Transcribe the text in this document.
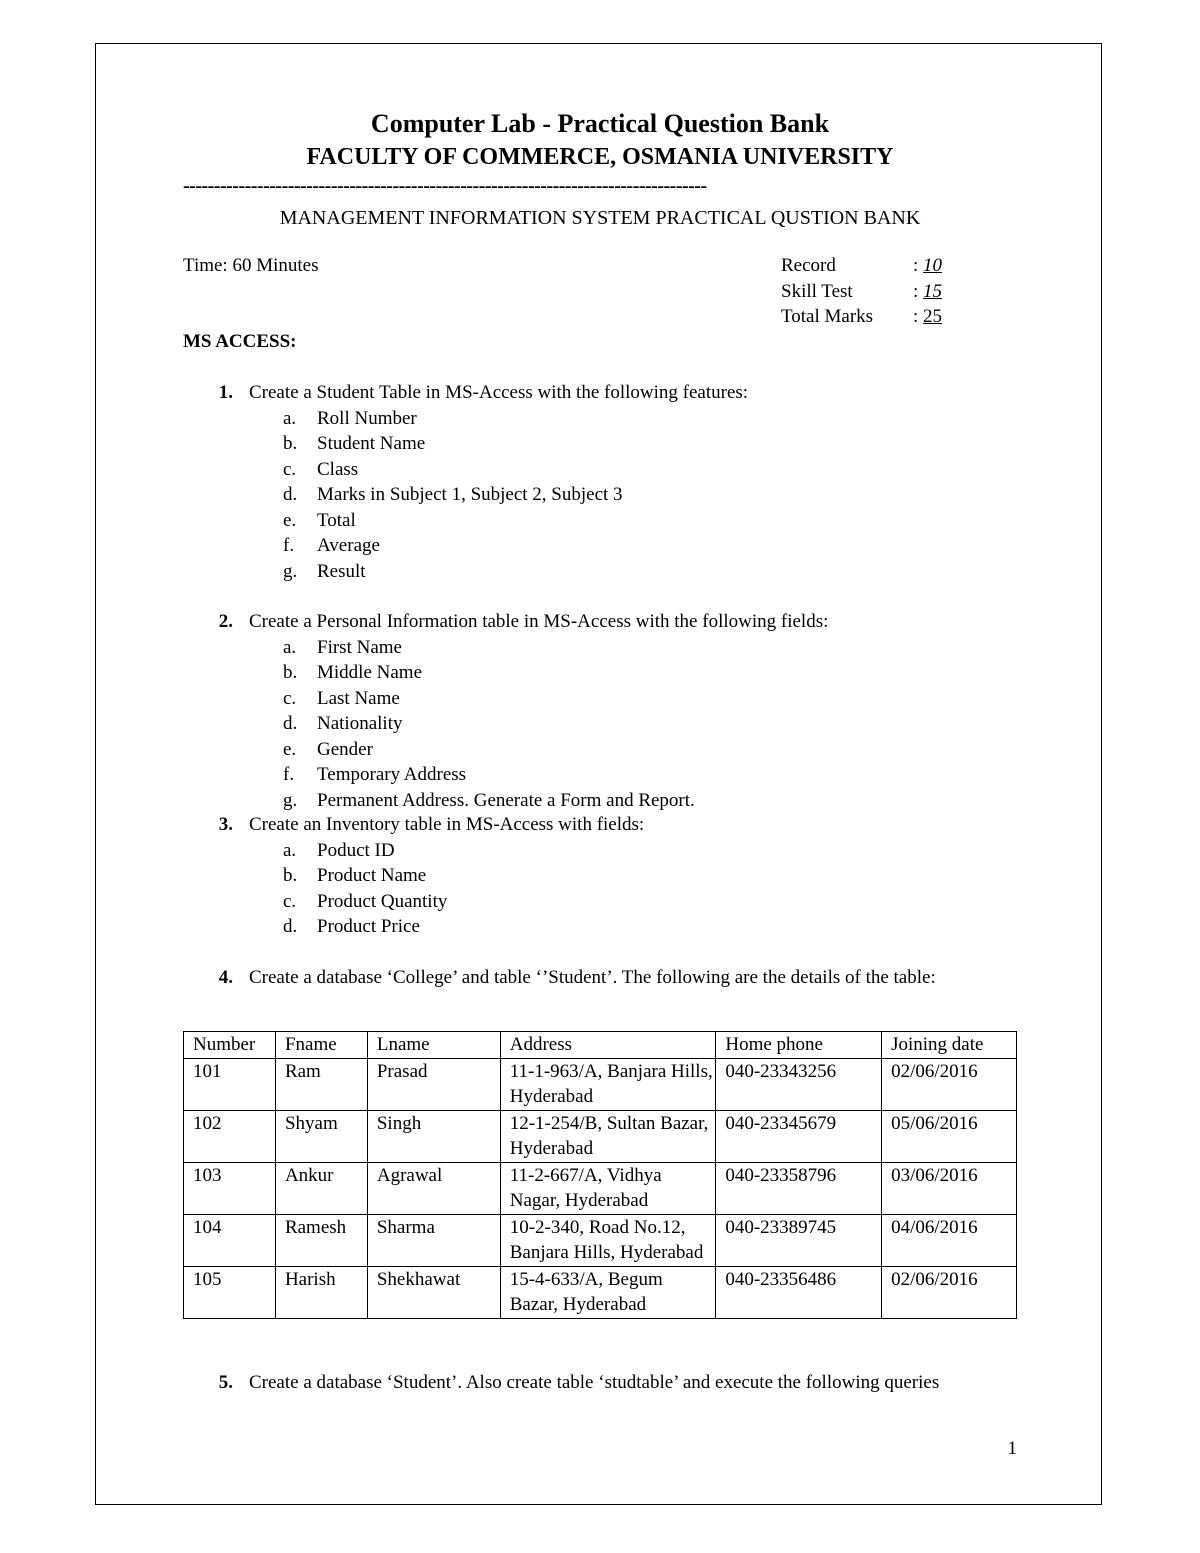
Computer Lab - Practical Question Bank
FACULTY OF COMMERCE, OSMANIA UNIVERSITY
-------------------------------------------------------------------------------------
MANAGEMENT INFORMATION SYSTEM PRACTICAL QUSTION BANK
Time: 60 Minutes	Record	: 10
Skill Test	: 15
Total Marks	: 25
MS ACCESS:
1. Create a Student Table in MS-Access with the following features:
a.	Roll Number
b.	Student Name
c.	Class
d.	Marks in Subject 1, Subject 2, Subject 3
e.	Total
f.	Average
g.	Result
2. Create a Personal Information table in MS-Access with the following fields:
a.	First Name
b.	Middle Name
c.	Last Name
d.	Nationality
e.	Gender
f.	Temporary Address
g.	Permanent Address. Generate a Form and Report.
3. Create an Inventory table in MS-Access with fields:
a.	Poduct ID
b.	Product Name
c.	Product Quantity
d.	Product Price
4. Create a database ‘College’ and table ‘’Student’. The following are the details of the table:
Number	Fname	Lname	Address	Home phone	Joining date
101	Ram	Prasad	11-1-963/A, Banjara Hills, Hyderabad	040-23343256	02/06/2016
102	Shyam	Singh	12-1-254/B, Sultan Bazar, Hyderabad	040-23345679	05/06/2016
103	Ankur	Agrawal	11-2-667/A, Vidhya Nagar, Hyderabad	040-23358796	03/06/2016
104	Ramesh	Sharma	10-2-340, Road No.12, Banjara Hills, Hyderabad	040-23389745	04/06/2016
105	Harish	Shekhawat	15-4-633/A, Begum Bazar, Hyderabad	040-23356486	02/06/2016
5. Create a database ‘Student’. Also create table ‘studtable’ and execute the following queries
1
